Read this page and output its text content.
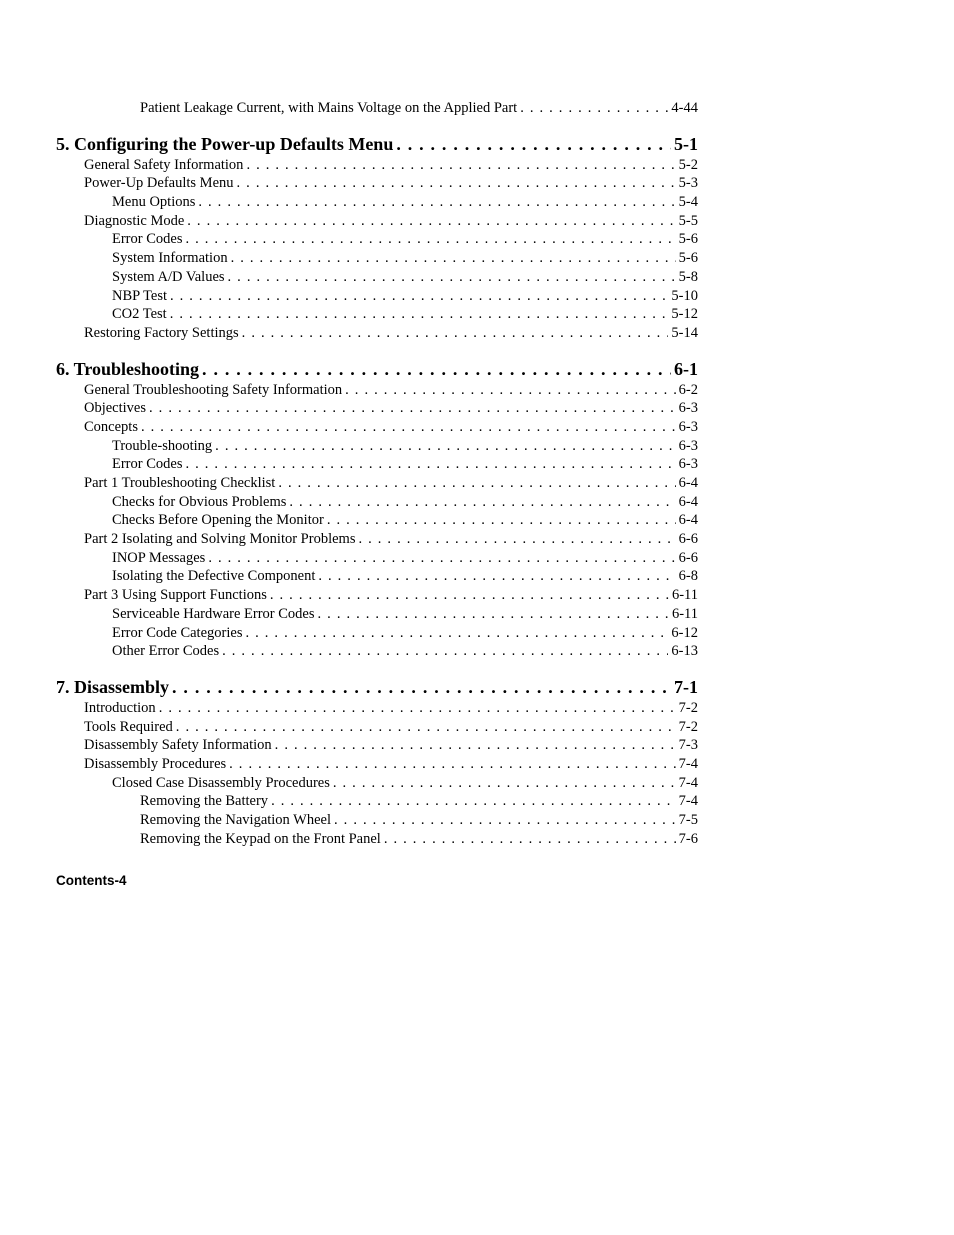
Patient Leakage Current, with Mains Voltage on the Applied Part . . .	4-44
5. Configuring the Power-up Defaults Menu . . .	5-1
General Safety Information . . .	5-2
Power-Up Defaults Menu . . .	5-3
Menu Options . . .	5-4
Diagnostic Mode . . .	5-5
Error Codes . . .	5-6
System Information . . .	5-6
System A/D Values . . .	5-8
NBP Test . . .	5-10
CO2 Test . . .	5-12
Restoring Factory Settings . . .	5-14
6. Troubleshooting . . .	6-1
General Troubleshooting Safety Information . . .	6-2
Objectives . . .	6-3
Concepts . . .	6-3
Trouble-shooting . . .	6-3
Error Codes . . .	6-3
Part 1 Troubleshooting Checklist . . .	6-4
Checks for Obvious Problems . . .	6-4
Checks Before Opening the Monitor . . .	6-4
Part 2 Isolating and Solving Monitor Problems . . .	6-6
INOP Messages . . .	6-6
Isolating the Defective Component . . .	6-8
Part 3 Using Support Functions . . .	6-11
Serviceable Hardware Error Codes . . .	6-11
Error Code Categories . . .	6-12
Other Error Codes . . .	6-13
7. Disassembly . . .	7-1
Introduction . . .	7-2
Tools Required . . .	7-2
Disassembly Safety Information . . .	7-3
Disassembly Procedures . . .	7-4
Closed Case Disassembly Procedures . . .	7-4
Removing the Battery . . .	7-4
Removing the Navigation Wheel . . .	7-5
Removing the Keypad on the Front Panel . . .	7-6
Contents-4
